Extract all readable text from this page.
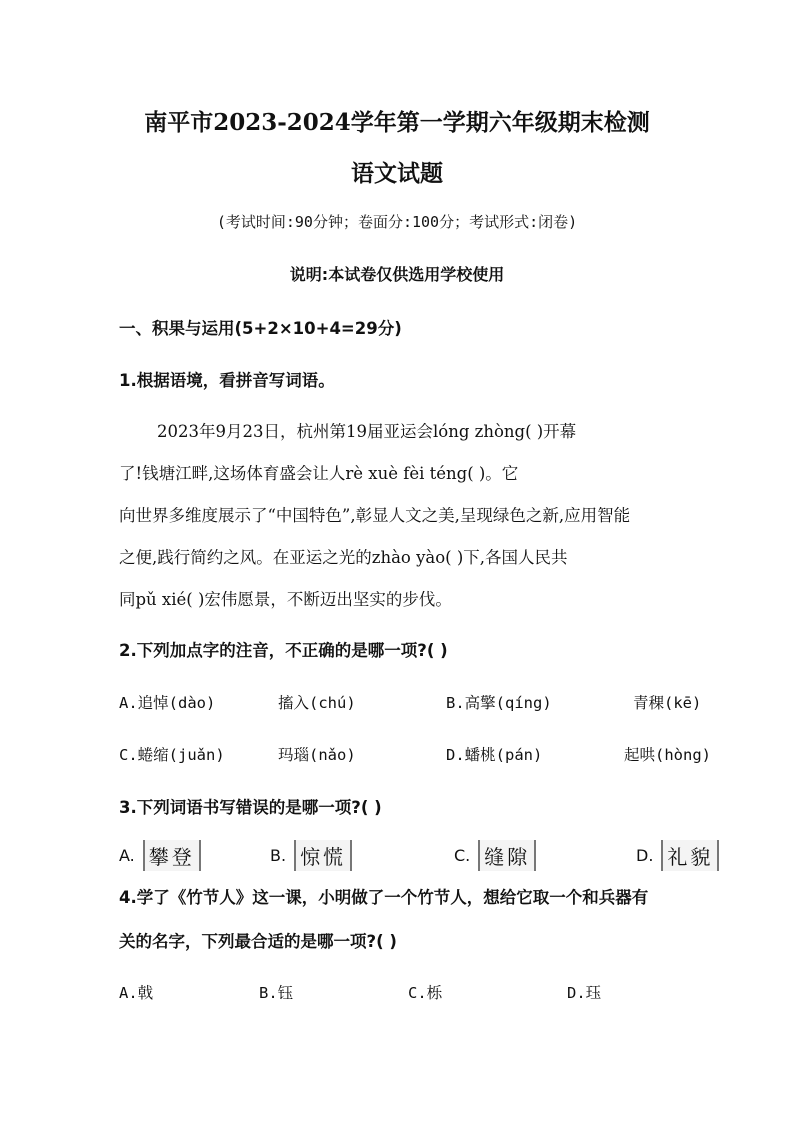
南平市2023-2024学年第一学期六年级期末检测
语文试题
(考试时间:90分钟；卷面分:100分；考试形式:闭卷)
说明:本试卷仅供选用学校使用
一、积果与运用(5+2×10+4=29分)
1.根据语境，看拼音写词语。
2023年9月23日，杭州第19届亚运会lóng zhòng( )开幕
了!钱塘江畔,这场体育盛会让人rè xuè fèi téng( )。它
向世界多维度展示了“中国特色”,彰显人文之美,呈现绿色之新,应用智能
之便,践行简约之风。在亚运之光的zhào yào( )下,各国人民共
同pǔ xié( )宏伟愿景，不断迈出坚实的步伐。
2.下列加点字的注音，不正确的是哪一项?( )
A.追悼(dào)	搐入(chú)	B.高擎(qíng)	青稞(kē)
C.蜷缩(juǎn)	玛瑙(nǎo)	D.蟠桃(pán)	起哄(hòng)
3.下列词语书写错误的是哪一项?( )
A. 攀登	B. 惊慌	C. 缝隙	D. 礼貌
4.学了《竹节人》这一课，小明做了一个竹节人，想给它取一个和兵器有
关的名字，下列最合适的是哪一项?( )
A.戟	B.钰	C.栎	D.珏
